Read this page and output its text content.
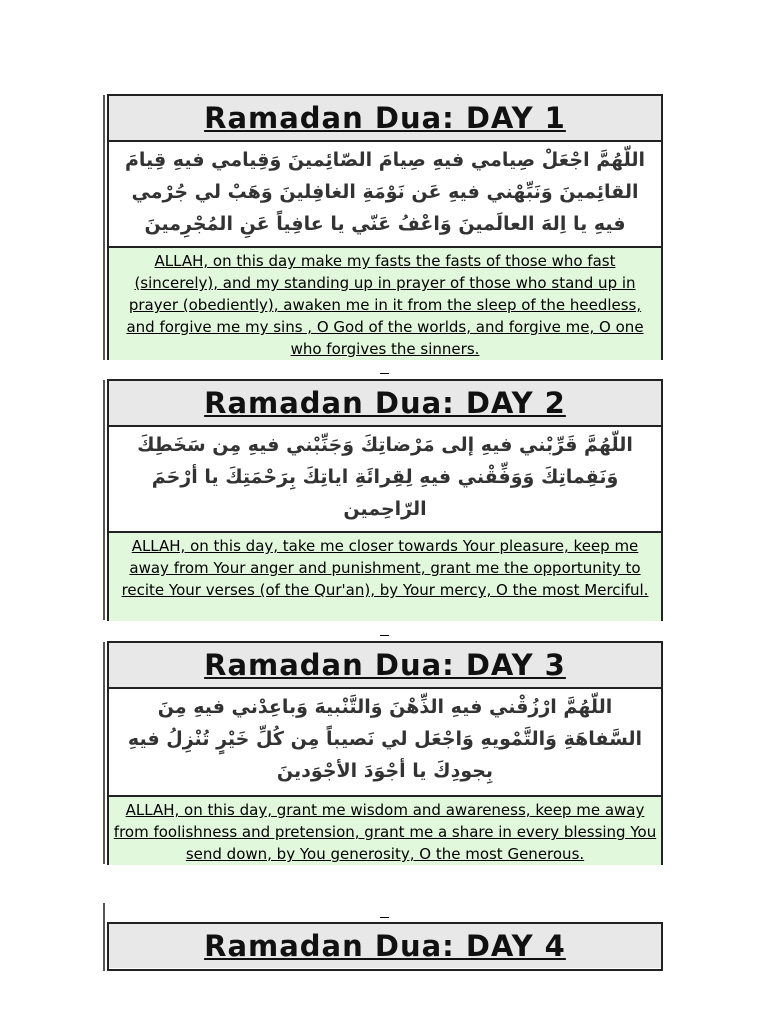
Ramadan Dua: DAY 1
اللّهُمَّ اجْعَلْ صِيامي فيهِ صِيامَ الصّائِمينَ وَقِيامي فيهِ قِيامَ القائِمينَ وَنَبِّهْني فيهِ عَن نَوْمَةِ الغافِلينَ وَهَبْ لي جُرْمي فيهِ يا اِلهَ العالَمينَ وَاعْفُ عَنّي يا عافِياً عَنِ المُجْرِمينَ
ALLAH, on this day make my fasts the fasts of those who fast (sincerely), and my standing up in prayer of those who stand up in prayer (obediently), awaken me in it from the sleep of the heedless, and forgive me my sins , O God of the worlds, and forgive me, O one who forgives the sinners.
Ramadan Dua: DAY 2
اللّهُمَّ قَرِّبْني فيهِ إلى مَرْضاتِكَ وَجَنِّبْني فيهِ مِن سَخَطِكَ وَنَقِماتِكَ وَوَفِّقْني فيهِ لِقِرائَةِ اياتِكَ بِرَحْمَتِكَ يا أرْحَمَ الرّاحِمين
ALLAH, on this day, take me closer towards Your pleasure, keep me away from Your anger and punishment, grant me the opportunity to recite Your verses (of the Qur'an), by Your mercy, O the most Merciful.
Ramadan Dua: DAY 3
اللّهُمَّ ارْزُقْني فيهِ الذِّهْنَ وَالتَّنْبيهَ وَباعِدْني فيهِ مِنَ السَّفاهَةِ وَالتَّمْويهِ وَاجْعَل لي نَصيباً مِن كُلِّ خَيْرٍ تُنْزِلُ فيهِ بِجودِكَ يا أجْوَدَ الأجْوَدينَ
ALLAH, on this day, grant me wisdom and awareness, keep me away from foolishness and pretension, grant me a share in every blessing You send down, by You generosity, O the most Generous.
Ramadan Dua: DAY 4
